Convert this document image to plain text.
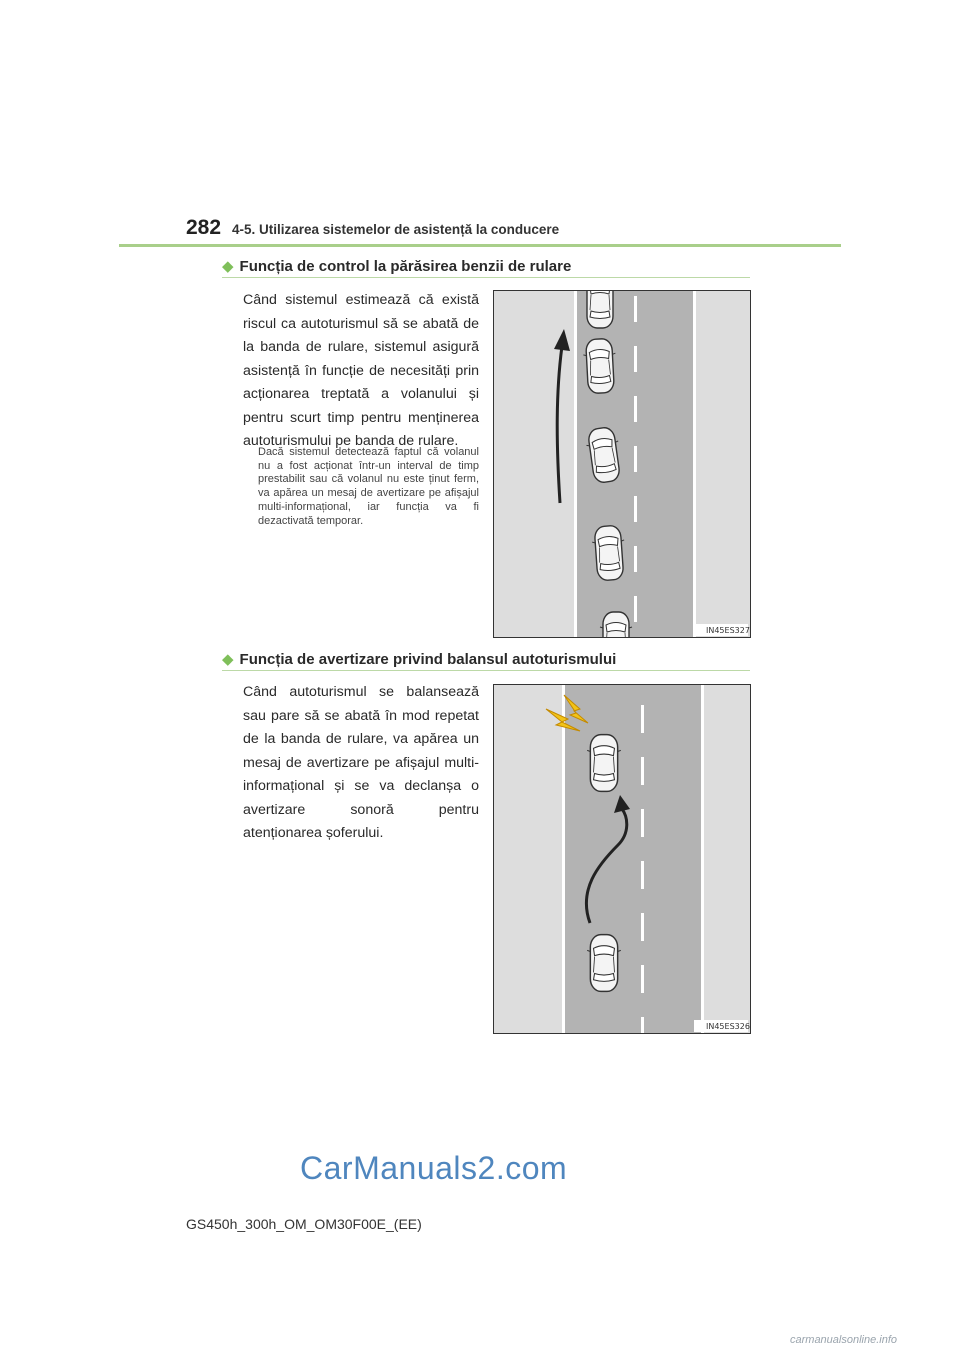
282 4-5. Utilizarea sistemelor de asistență la conducere
◆ Funcția de control la părăsirea benzii de rulare
Când sistemul estimează că există riscul ca autoturismul să se abată de la banda de rulare, sistemul asigură asistență în funcție de necesități prin acționarea treptată a volanului și pentru scurt timp pentru menținerea autoturismului pe banda de rulare.
Dacă sistemul detectează faptul că volanul nu a fost acționat într-un interval de timp prestabilit sau că volanul nu este ținut ferm, va apărea un mesaj de avertizare pe afișajul multi-informațional, iar funcția va fi dezactivată temporar.
IN45ES327
◆ Funcția de avertizare privind balansul autoturismului
Când autoturismul se balansează sau pare să se abată în mod repetat de la banda de rulare, va apărea un mesaj de avertizare pe afișajul multi-informațional și se va declanșa o avertizare sonoră pentru atenționarea șoferului.
IN45ES326
CarManuals2.com
GS450h_300h_OM_OM30F00E_(EE)
carmanualsonline.info
